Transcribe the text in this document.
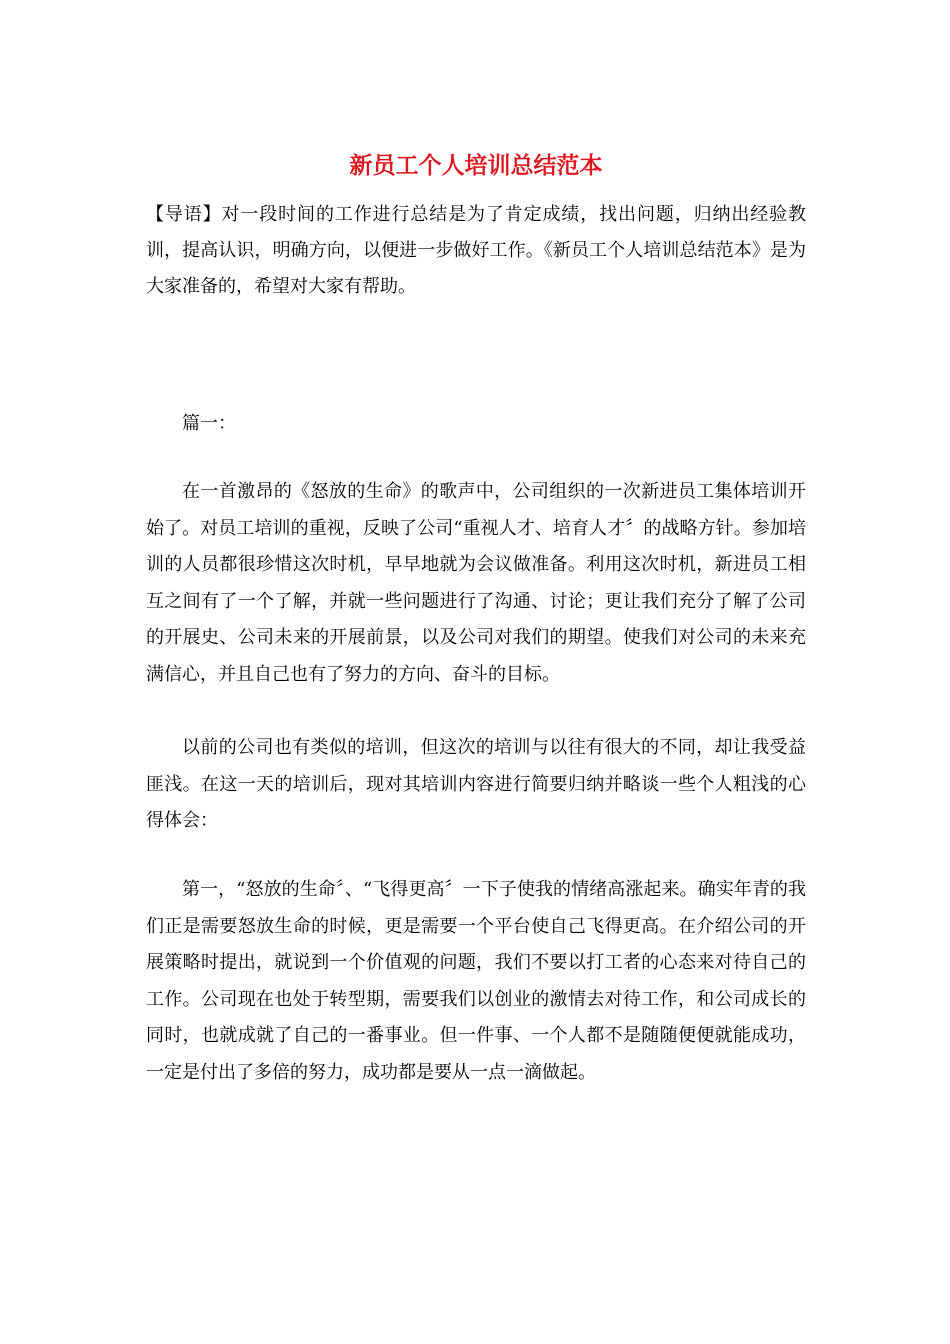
新员工个人培训总结范本

【导语】对一段时间的工作进行总结是为了肯定成绩，找出问题，归纳出经验教训，提高认识，明确方向，以便进一步做好工作。《新员工个人培训总结范本》是为大家准备的，希望对大家有帮助。

篇一：

在一首激昂的《怒放的生命》的歌声中，公司组织的一次新进员工集体培训开始了。对员工培训的重视，反映了公司“重视人才、培育人才〞的战略方针。参加培训的人员都很珍惜这次时机，早早地就为会议做准备。利用这次时机，新进员工相互之间有了一个了解，并就一些问题进行了沟通、讨论；更让我们充分了解了公司的开展史、公司未来的开展前景，以及公司对我们的期望。使我们对公司的未来充满信心，并且自己也有了努力的方向、奋斗的目标。

以前的公司也有类似的培训，但这次的培训与以往有很大的不同，却让我受益匪浅。在这一天的培训后，现对其培训内容进行简要归纳并略谈一些个人粗浅的心得体会：

第一，“怒放的生命〞、“飞得更高〞一下子使我的情绪高涨起来。确实年青的我们正是需要怒放生命的时候，更是需要一个平台使自己飞得更高。在介绍公司的开展策略时提出，就说到一个价值观的问题，我们不要以打工者的心态来对待自己的工作。公司现在也处于转型期，需要我们以创业的激情去对待工作，和公司成长的同时，也就成就了自己的一番事业。但一件事、一个人都不是随随便便就能成功，一定是付出了多倍的努力，成功都是要从一点一滴做起。
